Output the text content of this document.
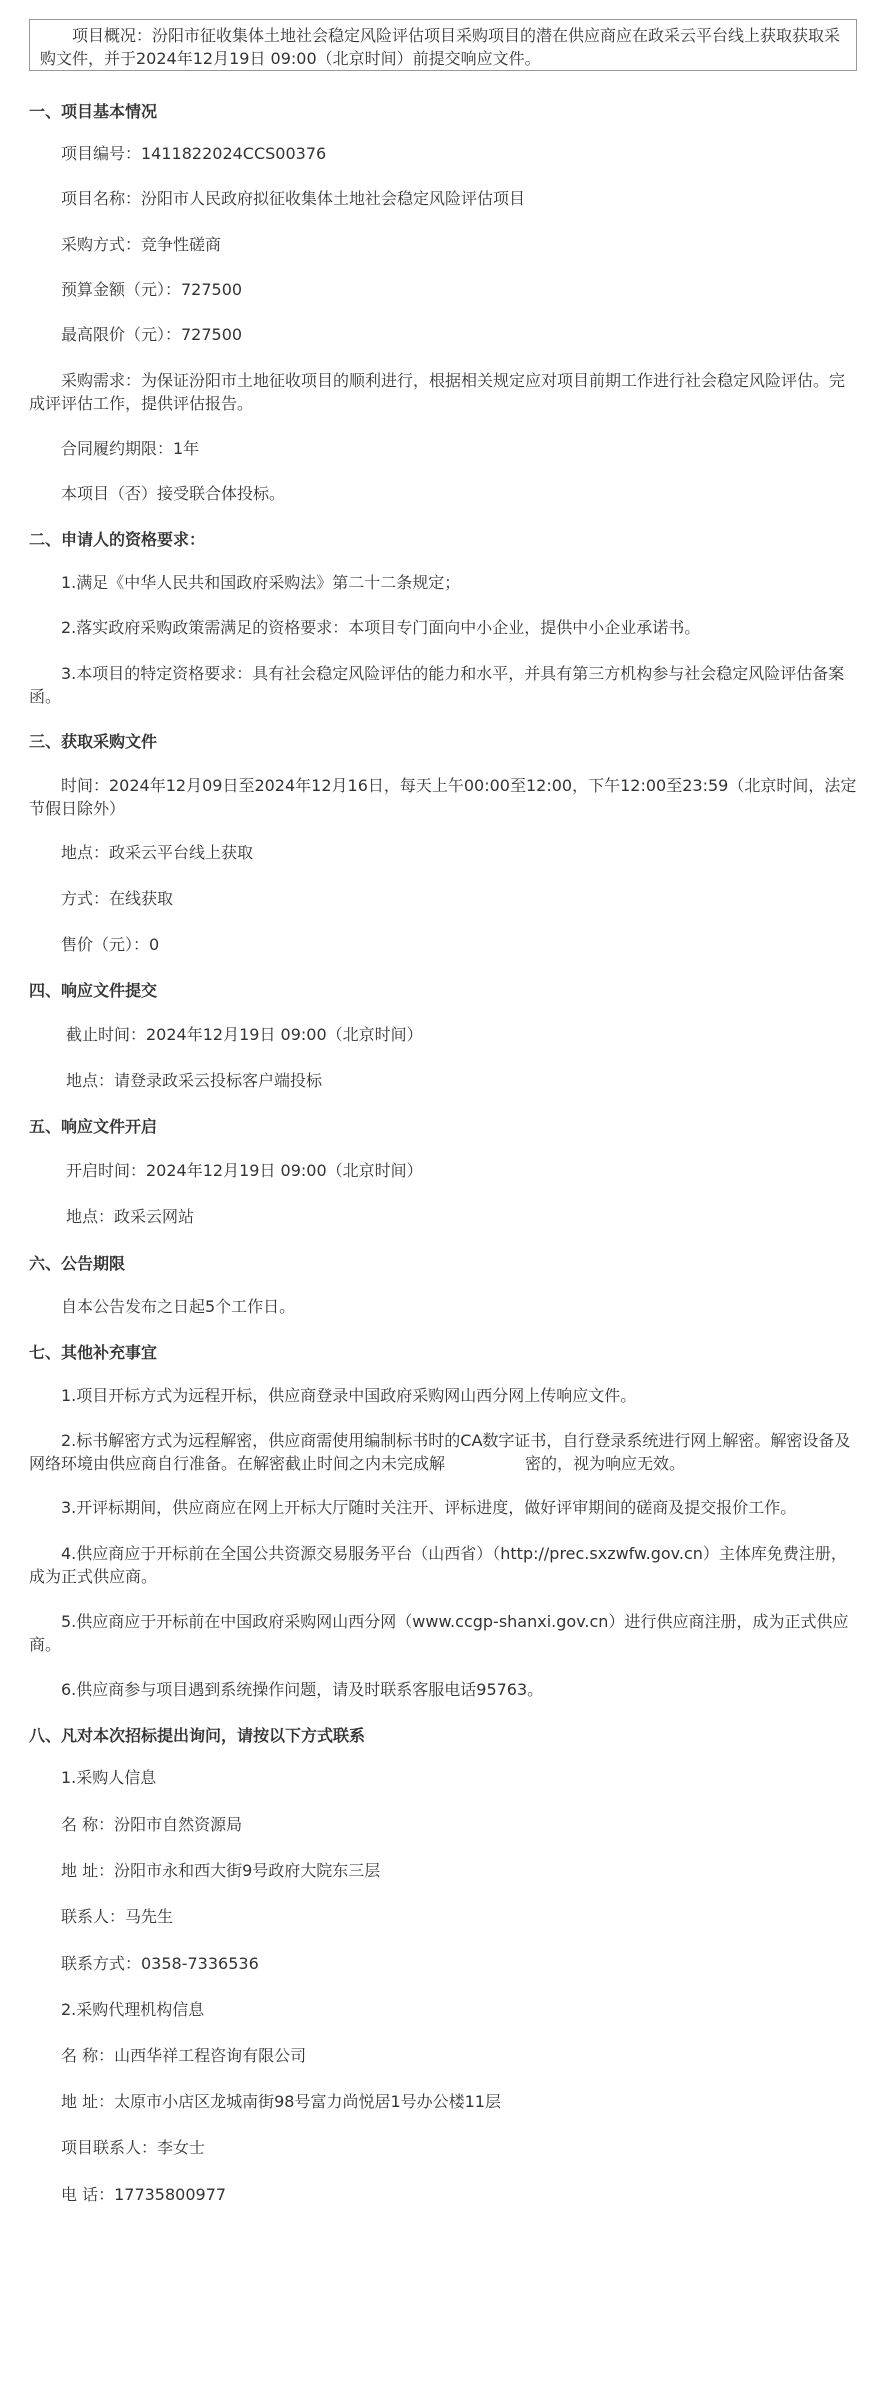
项目概况：汾阳市征收集体土地社会稳定风险评估项目采购项目的潜在供应商应在政采云平台线上获取获取采购文件，并于2024年12月19日 09:00（北京时间）前提交响应文件。
一、项目基本情况
项目编号：1411822024CCS00376
项目名称：汾阳市人民政府拟征收集体土地社会稳定风险评估项目
采购方式：竞争性磋商
预算金额（元）：727500
最高限价（元）：727500
采购需求：为保证汾阳市土地征收项目的顺利进行，根据相关规定应对项目前期工作进行社会稳定风险评估。完成评评估工作，提供评估报告。
合同履约期限：1年
本项目（否）接受联合体投标。
二、申请人的资格要求：
1.满足《中华人民共和国政府采购法》第二十二条规定；
2.落实政府采购政策需满足的资格要求：本项目专门面向中小企业，提供中小企业承诺书。
3.本项目的特定资格要求：具有社会稳定风险评估的能力和水平，并具有第三方机构参与社会稳定风险评估备案函。
三、获取采购文件
时间：2024年12月09日至2024年12月16日，每天上午00:00至12:00，下午12:00至23:59（北京时间，法定节假日除外）
地点：政采云平台线上获取
方式：在线获取
售价（元）：0
四、响应文件提交
截止时间：2024年12月19日 09:00（北京时间）
地点：请登录政采云投标客户端投标
五、响应文件开启
开启时间：2024年12月19日 09:00（北京时间）
地点：政采云网站
六、公告期限
自本公告发布之日起5个工作日。
七、其他补充事宜
1.项目开标方式为远程开标，供应商登录中国政府采购网山西分网上传响应文件。
2.标书解密方式为远程解密，供应商需使用编制标书时的CA数字证书，自行登录系统进行网上解密。解密设备及网络环境由供应商自行准备。在解密截止时间之内未完成解　　　　　密的，视为响应无效。
3.开评标期间，供应商应在网上开标大厅随时关注开、评标进度，做好评审期间的磋商及提交报价工作。
4.供应商应于开标前在全国公共资源交易服务平台（山西省）（http://prec.sxzwfw.gov.cn）主体库免费注册，成为正式供应商。
5.供应商应于开标前在中国政府采购网山西分网（www.ccgp-shanxi.gov.cn）进行供应商注册，成为正式供应商。
6.供应商参与项目遇到系统操作问题，请及时联系客服电话95763。
八、凡对本次招标提出询问，请按以下方式联系
1.采购人信息
名 称：汾阳市自然资源局
地 址：汾阳市永和西大街9号政府大院东三层
联系人：马先生
联系方式：0358-7336536
2.采购代理机构信息
名 称：山西华祥工程咨询有限公司
地 址：太原市小店区龙城南街98号富力尚悦居1号办公楼11层
项目联系人：李女士
电 话：17735800977
